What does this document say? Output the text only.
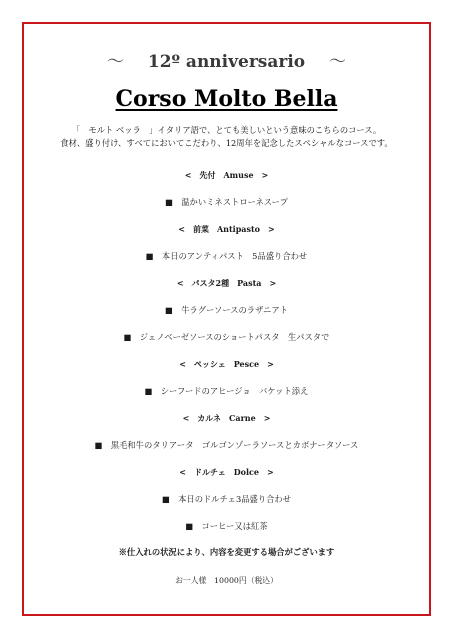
～ 12º anniversario ～
Corso Molto Bella
「　モルト ベッラ　」イタリア語で、とても美しいという意味のこちらのコース。
食材、盛り付け、すべてにおいてこだわり、12周年を記念したスペシャルなコースです。
<　先付　Amuse　>
■　温かいミネストローネスープ
<　前菜　Antipasto　>
■　本日のアンティパスト　5品盛り合わせ
<　パスタ2種　Pasta　>
■　牛ラグーソースのラザニアト
■　ジェノベーゼソースのショートパスタ　生パスタで
<　ペッシェ　Pesce　>
■　シーフードのアヒージョ　バケット添え
<　カルネ　Carne　>
■　黒毛和牛のタリアータ　ゴルゴンゾーラソースとカボナータソース
<　ドルチェ　Dolce　>
■　本日のドルチェ3品盛り合わせ
■　コーヒー又は紅茶
※仕入れの状況により、内容を変更する場合がございます
お一人様　10000円（税込）
